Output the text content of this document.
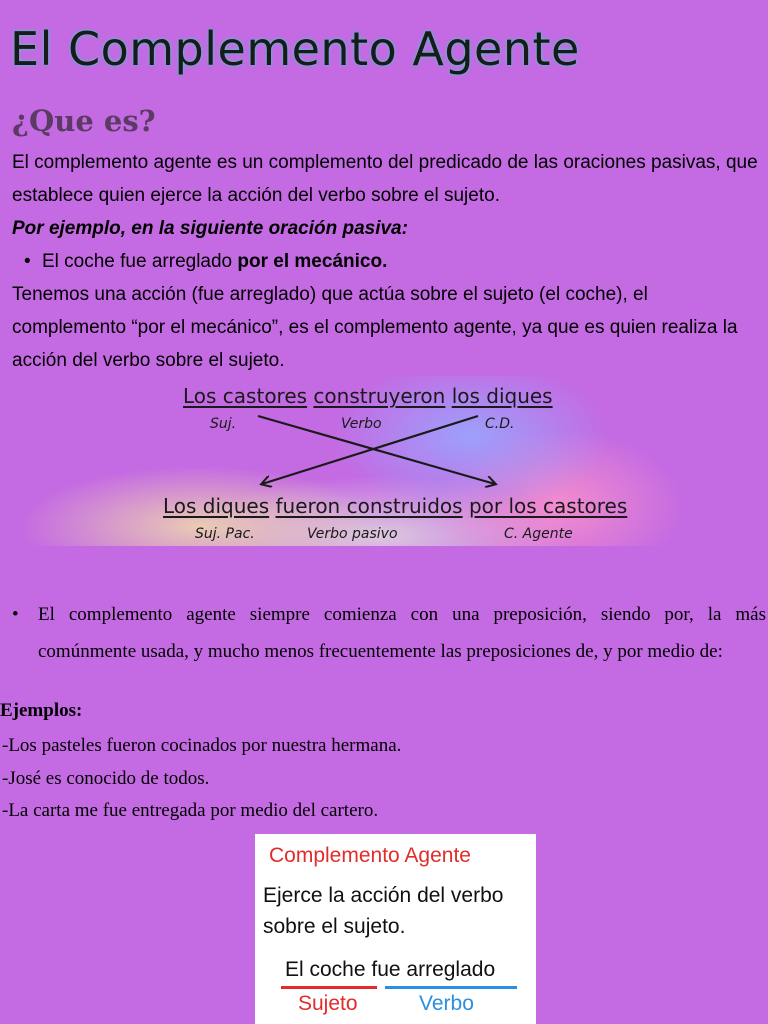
El Complemento Agente
¿Que es?
El complemento agente es un complemento del predicado de las oraciones pasivas, que establece quien ejerce la acción del verbo sobre el sujeto.
Por ejemplo, en la siguiente oración pasiva:
• El coche fue arreglado por el mecánico.
Tenemos una acción (fue arreglado) que actúa sobre el sujeto (el coche), el complemento “por el mecánico”, es el complemento agente, ya que es quien realiza la acción del verbo sobre el sujeto.
Los castores construyeron los diques
Suj.	Verbo	C.D.
Los diques fueron construidos por los castores
Suj. Pac.	Verbo pasivo	C. Agente
• El complemento agente siempre comienza con una preposición, siendo por, la más comúnmente usada, y mucho menos frecuentemente las preposiciones de, y por medio de:
Ejemplos:
-Los pasteles fueron cocinados por nuestra hermana.
-José es conocido de todos.
-La carta me fue entregada por medio del cartero.
Complemento Agente
Ejerce la acción del verbo sobre el sujeto.
El coche fue arreglado
Sujeto	Verbo
